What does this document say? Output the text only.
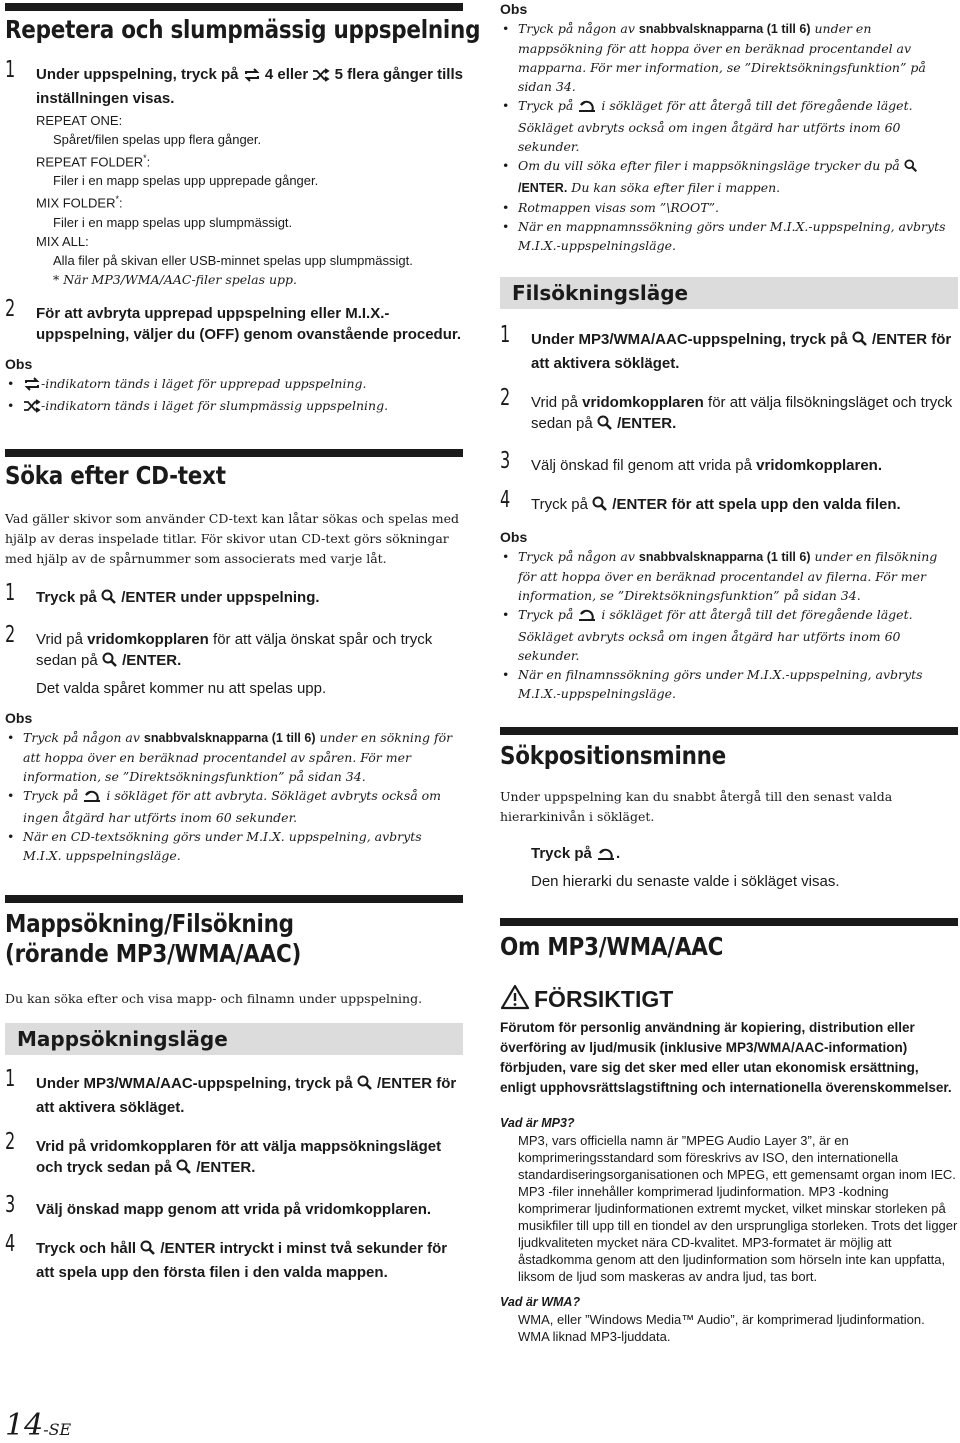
Repetera och slumpmässig uppspelning
1 Under uppspelning, tryck på 4 eller 5 flera gånger tills inställningen visas.
REPEAT ONE:
Spåret/filen spelas upp flera gånger.
REPEAT FOLDER*:
Filer i en mapp spelas upp upprepade gånger.
MIX FOLDER*:
Filer i en mapp spelas upp slumpmässigt.
MIX ALL:
Alla filer på skivan eller USB-minnet spelas upp slumpmässigt.
* När MP3/WMA/AAC-filer spelas upp.
2 För att avbryta upprepad uppspelning eller M.I.X.-uppspelning, väljer du (OFF) genom ovanstående procedur.
Obs
• -indikatorn tänds i läget för upprepad uppspelning.
• -indikatorn tänds i läget för slumpmässig uppspelning.
Söka efter CD-text
Vad gäller skivor som använder CD-text kan låtar sökas och spelas med hjälp av deras inspelade titlar. För skivor utan CD-text görs sökningar med hjälp av de spårnummer som associerats med varje låt.
1 Tryck på /ENTER under uppspelning.
2 Vrid på vridomkopplaren för att välja önskat spår och tryck sedan på /ENTER.
Det valda spåret kommer nu att spelas upp.
Obs
• Tryck på någon av snabbvalsknapparna (1 till 6) under en sökning för att hoppa över en beräknad procentandel av spåren. För mer information, se ”Direktsökningsfunktion” på sidan 34.
• Tryck på i sökläget för att avbryta. Sökläget avbryts också om ingen åtgärd har utförts inom 60 sekunder.
• När en CD-textsökning görs under M.I.X. uppspelning, avbryts M.I.X. uppspelningsläge.
Mappsökning/Filsökning
(rörande MP3/WMA/AAC)
Du kan söka efter och visa mapp- och filnamn under uppspelning.
Mappsökningsläge
1 Under MP3/WMA/AAC-uppspelning, tryck på /ENTER för att aktivera sökläget.
2 Vrid på vridomkopplaren för att välja mappsökningsläget och tryck sedan på /ENTER.
3 Välj önskad mapp genom att vrida på vridomkopplaren.
4 Tryck och håll /ENTER intryckt i minst två sekunder för att spela upp den första filen i den valda mappen.
14-SE
Obs
• Tryck på någon av snabbvalsknapparna (1 till 6) under en mappsökning för att hoppa över en beräknad procentandel av mapparna. För mer information, se ”Direktsökningsfunktion” på sidan 34.
• Tryck på i sökläget för att återgå till det föregående läget. Sökläget avbryts också om ingen åtgärd har utförts inom 60 sekunder.
• Om du vill söka efter filer i mappsökningsläge trycker du på /ENTER. Du kan söka efter filer i mappen.
• Rotmappen visas som ”\ROOT”.
• När en mappnamnssökning görs under M.I.X.-uppspelning, avbryts M.I.X.-uppspelningsläge.
Filsökningsläge
1 Under MP3/WMA/AAC-uppspelning, tryck på /ENTER för att aktivera sökläget.
2 Vrid på vridomkopplaren för att välja filsökningsläget och tryck sedan på /ENTER.
3 Välj önskad fil genom att vrida på vridomkopplaren.
4 Tryck på /ENTER för att spela upp den valda filen.
Obs
• Tryck på någon av snabbvalsknapparna (1 till 6) under en filsökning för att hoppa över en beräknad procentandel av filerna. För mer information, se ”Direktsökningsfunktion” på sidan 34.
• Tryck på i sökläget för att återgå till det föregående läget. Sökläget avbryts också om ingen åtgärd har utförts inom 60 sekunder.
• När en filnamnssökning görs under M.I.X.-uppspelning, avbryts M.I.X.-uppspelningsläge.
Sökpositionsminne
Under uppspelning kan du snabbt återgå till den senast valda hierarkinivån i sökläget.
Tryck på .
Den hierarki du senaste valde i sökläget visas.
Om MP3/WMA/AAC
FÖRSIKTIGT
Förutom för personlig användning är kopiering, distribution eller överföring av ljud/musik (inklusive MP3/WMA/AAC-information) förbjuden, vare sig det sker med eller utan ekonomisk ersättning, enligt upphovsrättslagstiftning och internationella överenskommelser.
Vad är MP3?
MP3, vars officiella namn är ”MPEG Audio Layer 3”, är en komprimeringsstandard som föreskrivs av ISO, den internationella standardiseringsorganisationen och MPEG, ett gemensamt organ inom IEC.
MP3 -filer innehåller komprimerad ljudinformation. MP3 -kodning komprimerar ljudinformationen extremt mycket, vilket minskar storleken på musikfiler till upp till en tiondel av den ursprungliga storleken. Trots det ligger ljudkvaliteten mycket nära CD-kvalitet. MP3-formatet är möjlig att åstadkomma genom att den ljudinformation som hörseln inte kan uppfatta, liksom de ljud som maskeras av andra ljud, tas bort.
Vad är WMA?
WMA, eller ”Windows Media™ Audio”, är komprimerad ljudinformation. WMA liknad MP3-ljuddata.
